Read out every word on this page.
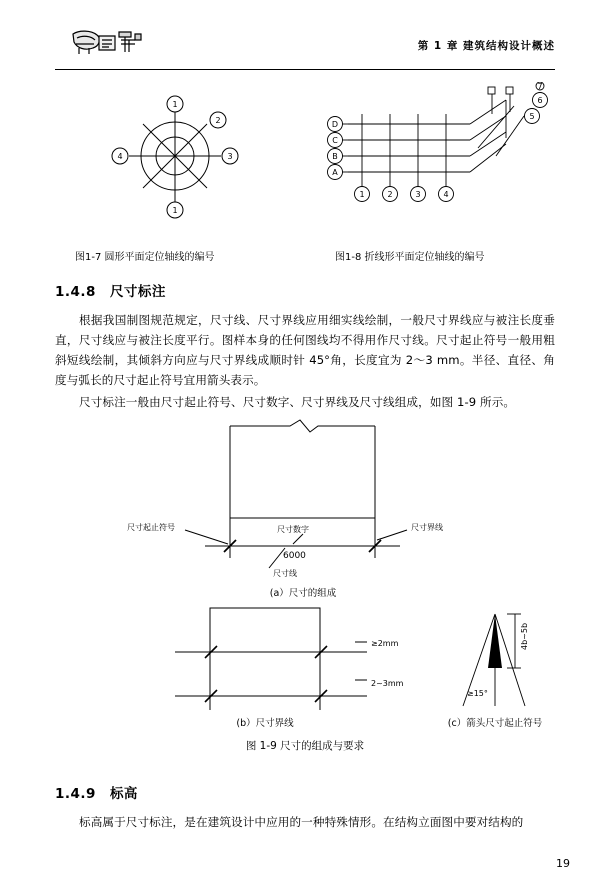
第 1 章 建筑结构设计概述
1
2
3
1
4
D
C
B
A
1	2	3	4
5
6
7
图1-7 圆形平面定位轴线的编号	图1-8 折线形平面定位轴线的编号
1.4.8 尺寸标注

根据我国制图规范规定，尺寸线、尺寸界线应用细实线绘制，一般尺寸界线应与被注长度垂直，尺寸线应与被注长度平行。图样本身的任何图线均不得用作尺寸线。尺寸起止符号一般用粗斜短线绘制，其倾斜方向应与尺寸界线成顺时针 45°角，长度宜为 2～3 mm。半径、直径、角度与弧长的尺寸起止符号宜用箭头表示。

尺寸标注一般由尺寸起止符号、尺寸数字、尺寸界线及尺寸线组成，如图 1-9 所示。

尺寸起止符号	尺寸数字	尺寸界线
尺寸线
6000
≥2mm
2~3mm
4b~5b
≥15°
(a）尺寸的组成
(b）尺寸界线	(c）箭头尺寸起止符号
图 1-9 尺寸的组成与要求
1.4.9 标高

标高属于尺寸标注，是在建筑设计中应用的一种特殊情形。在结构立面图中要对结构的

19
